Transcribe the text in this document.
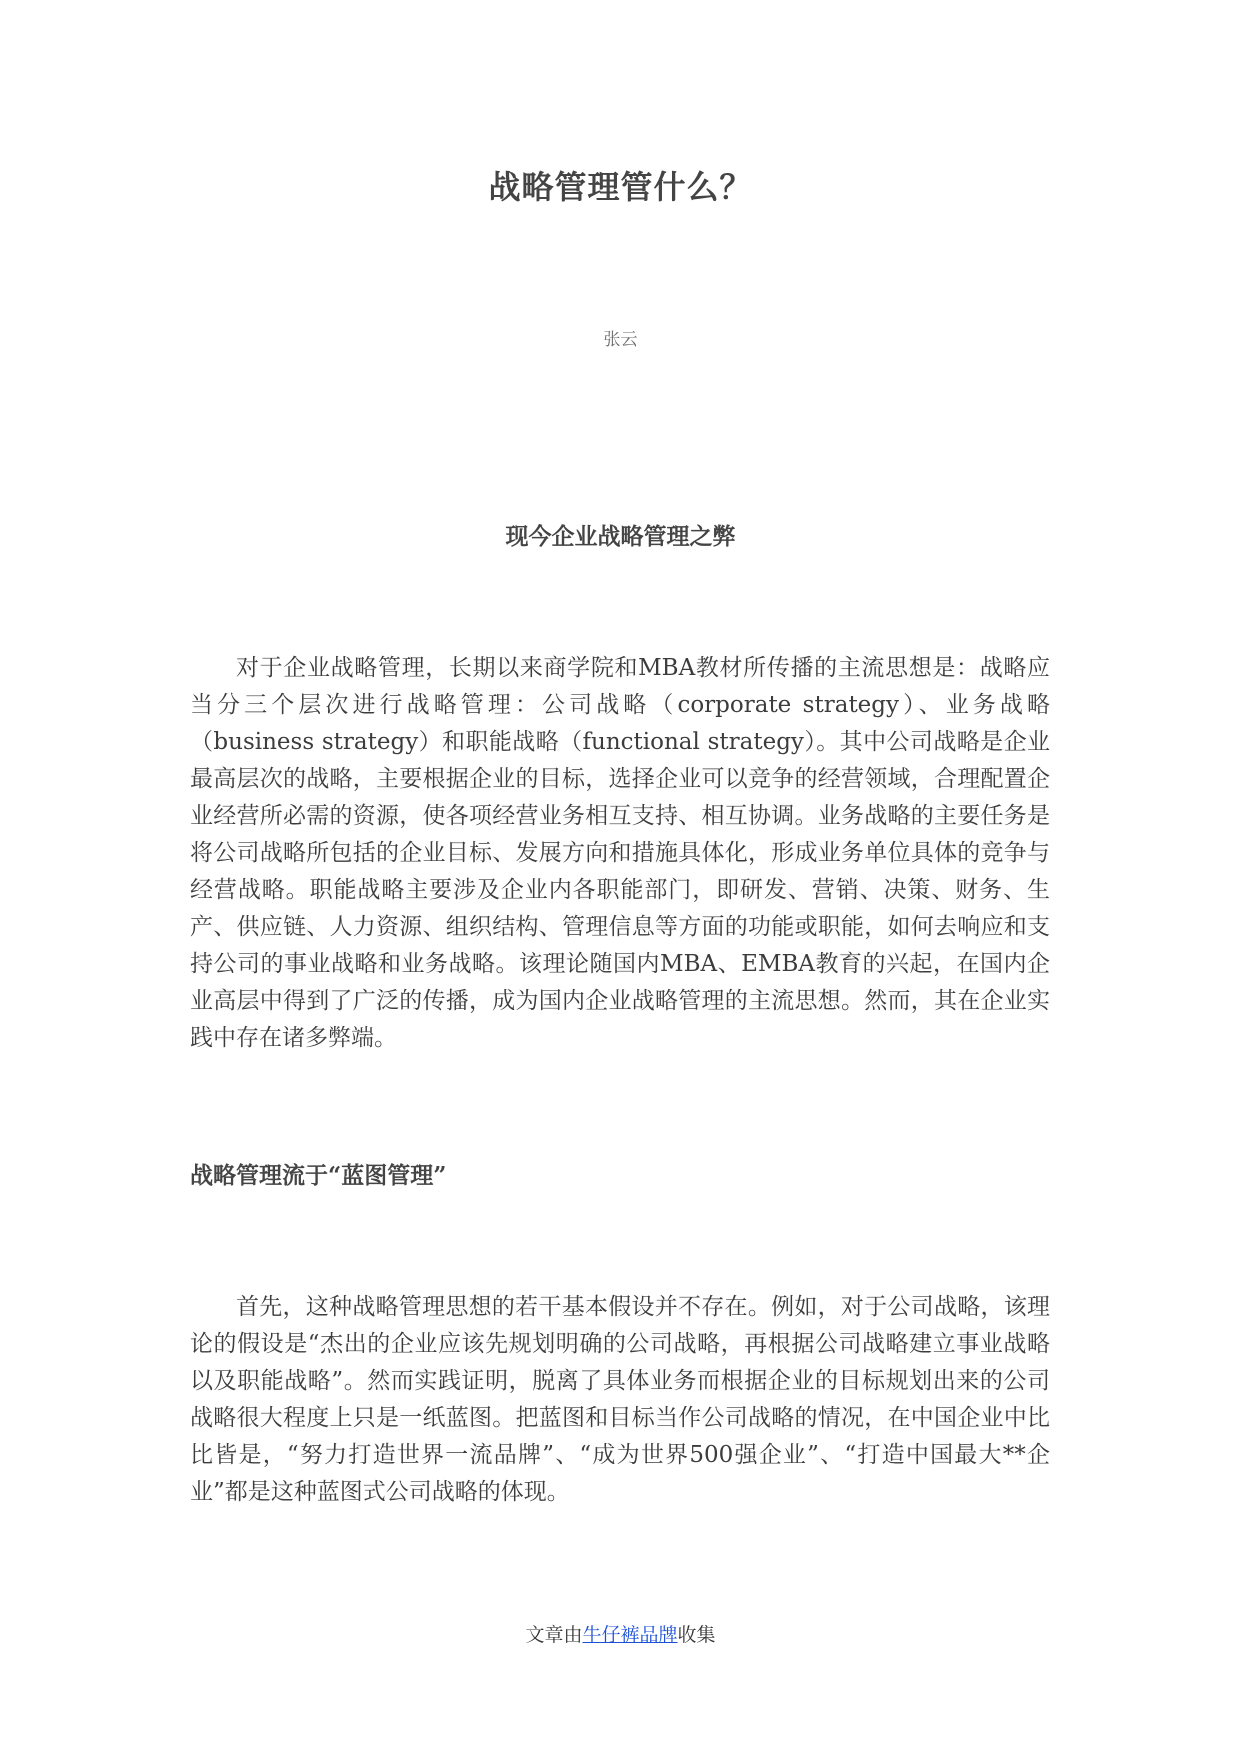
战略管理管什么？
张云
现今企业战略管理之弊

对于企业战略管理，长期以来商学院和MBA教材所传播的主流思想是：战略应当分三个层次进行战略管理：公司战略（corporate strategy）、业务战略（business strategy）和职能战略（functional strategy）。其中公司战略是企业最高层次的战略，主要根据企业的目标，选择企业可以竞争的经营领域，合理配置企业经营所必需的资源，使各项经营业务相互支持、相互协调。业务战略的主要任务是将公司战略所包括的企业目标、发展方向和措施具体化，形成业务单位具体的竞争与经营战略。职能战略主要涉及企业内各职能部门，即研发、营销、决策、财务、生产、供应链、人力资源、组织结构、管理信息等方面的功能或职能，如何去响应和支持公司的事业战略和业务战略。该理论随国内MBA、EMBA教育的兴起，在国内企业高层中得到了广泛的传播，成为国内企业战略管理的主流思想。然而，其在企业实践中存在诸多弊端。

战略管理流于“蓝图管理”

首先，这种战略管理思想的若干基本假设并不存在。例如，对于公司战略，该理论的假设是“杰出的企业应该先规划明确的公司战略，再根据公司战略建立事业战略以及职能战略”。然而实践证明，脱离了具体业务而根据企业的目标规划出来的公司战略很大程度上只是一纸蓝图。把蓝图和目标当作公司战略的情况，在中国企业中比比皆是，“努力打造世界一流品牌”、“成为世界500强企业”、“打造中国最大**企业”都是这种蓝图式公司战略的体现。

文章由牛仔裤品牌收集
